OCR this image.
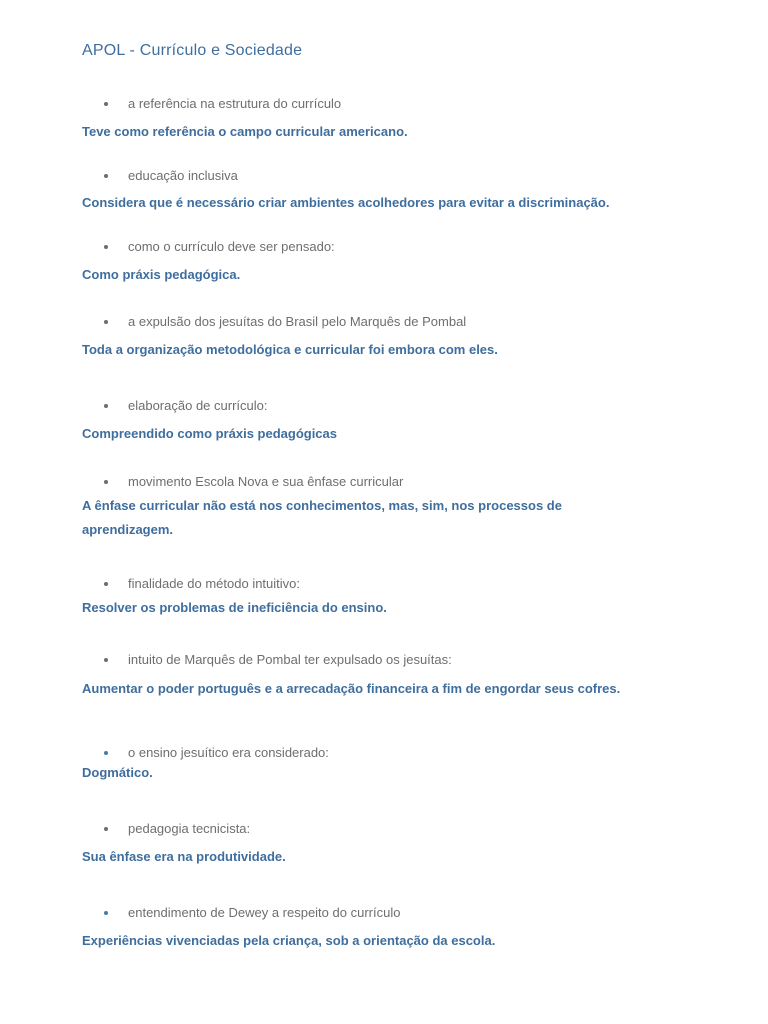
APOL - Currículo e Sociedade
a referência na estrutura do currículo
Teve como referência o campo curricular americano.
educação inclusiva
Considera que é necessário criar ambientes acolhedores para evitar a discriminação.
como o currículo deve ser pensado:
Como práxis pedagógica.
a expulsão dos jesuítas do Brasil pelo Marquês de Pombal
Toda a organização metodológica e curricular foi embora com eles.
elaboração de currículo:
Compreendido como práxis pedagógicas
movimento Escola Nova e sua ênfase curricular
A ênfase curricular não está nos conhecimentos, mas, sim, nos processos de aprendizagem.
finalidade do método intuitivo:
Resolver os problemas de ineficiência do ensino.
intuito de Marquês de Pombal ter expulsado os jesuítas:
Aumentar o poder português e a arrecadação financeira a fim de engordar seus cofres.
o ensino jesuítico era considerado:
Dogmático.
pedagogia tecnicista:
Sua ênfase era na produtividade.
entendimento de Dewey a respeito do currículo
Experiências vivenciadas pela criança, sob a orientação da escola.
